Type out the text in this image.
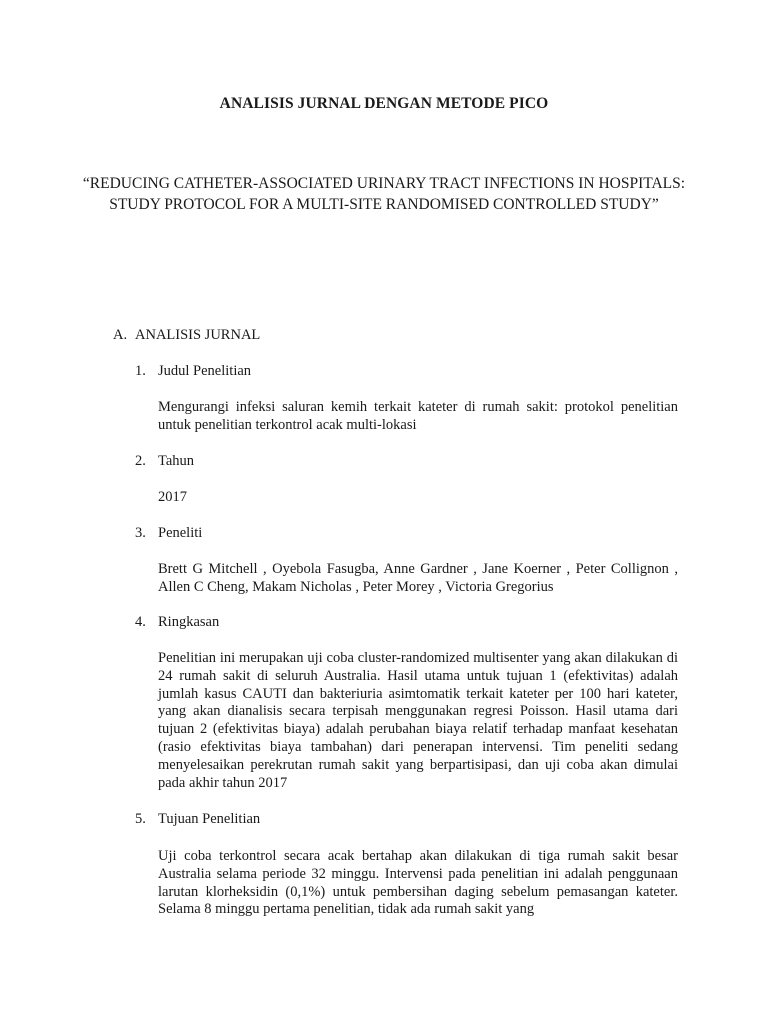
ANALISIS JURNAL DENGAN METODE PICO
“REDUCING CATHETER-ASSOCIATED URINARY TRACT INFECTIONS IN HOSPITALS: STUDY PROTOCOL FOR A MULTI-SITE RANDOMISED CONTROLLED STUDY”
A. ANALISIS JURNAL
1. Judul Penelitian
Mengurangi infeksi saluran kemih terkait kateter di rumah sakit: protokol penelitian untuk penelitian terkontrol acak multi-lokasi
2. Tahun
2017
3. Peneliti
Brett G Mitchell , Oyebola Fasugba, Anne Gardner , Jane Koerner , Peter Collignon , Allen C Cheng, Makam Nicholas , Peter Morey , Victoria Gregorius
4. Ringkasan
Penelitian ini merupakan uji coba cluster-randomized multisenter yang akan dilakukan di 24 rumah sakit di seluruh Australia. Hasil utama untuk tujuan 1 (efektivitas) adalah jumlah kasus CAUTI dan bakteriuria asimtomatik terkait kateter per 100 hari kateter, yang akan dianalisis secara terpisah menggunakan regresi Poisson. Hasil utama dari tujuan 2 (efektivitas biaya) adalah perubahan biaya relatif terhadap manfaat kesehatan (rasio efektivitas biaya tambahan) dari penerapan intervensi. Tim peneliti sedang menyelesaikan perekrutan rumah sakit yang berpartisipasi, dan uji coba akan dimulai pada akhir tahun 2017
5. Tujuan Penelitian
Uji coba terkontrol secara acak bertahap akan dilakukan di tiga rumah sakit besar Australia selama periode 32 minggu. Intervensi pada penelitian ini adalah penggunaan larutan klorheksidin (0,1%) untuk pembersihan daging sebelum pemasangan kateter. Selama 8 minggu pertama penelitian, tidak ada rumah sakit yang
